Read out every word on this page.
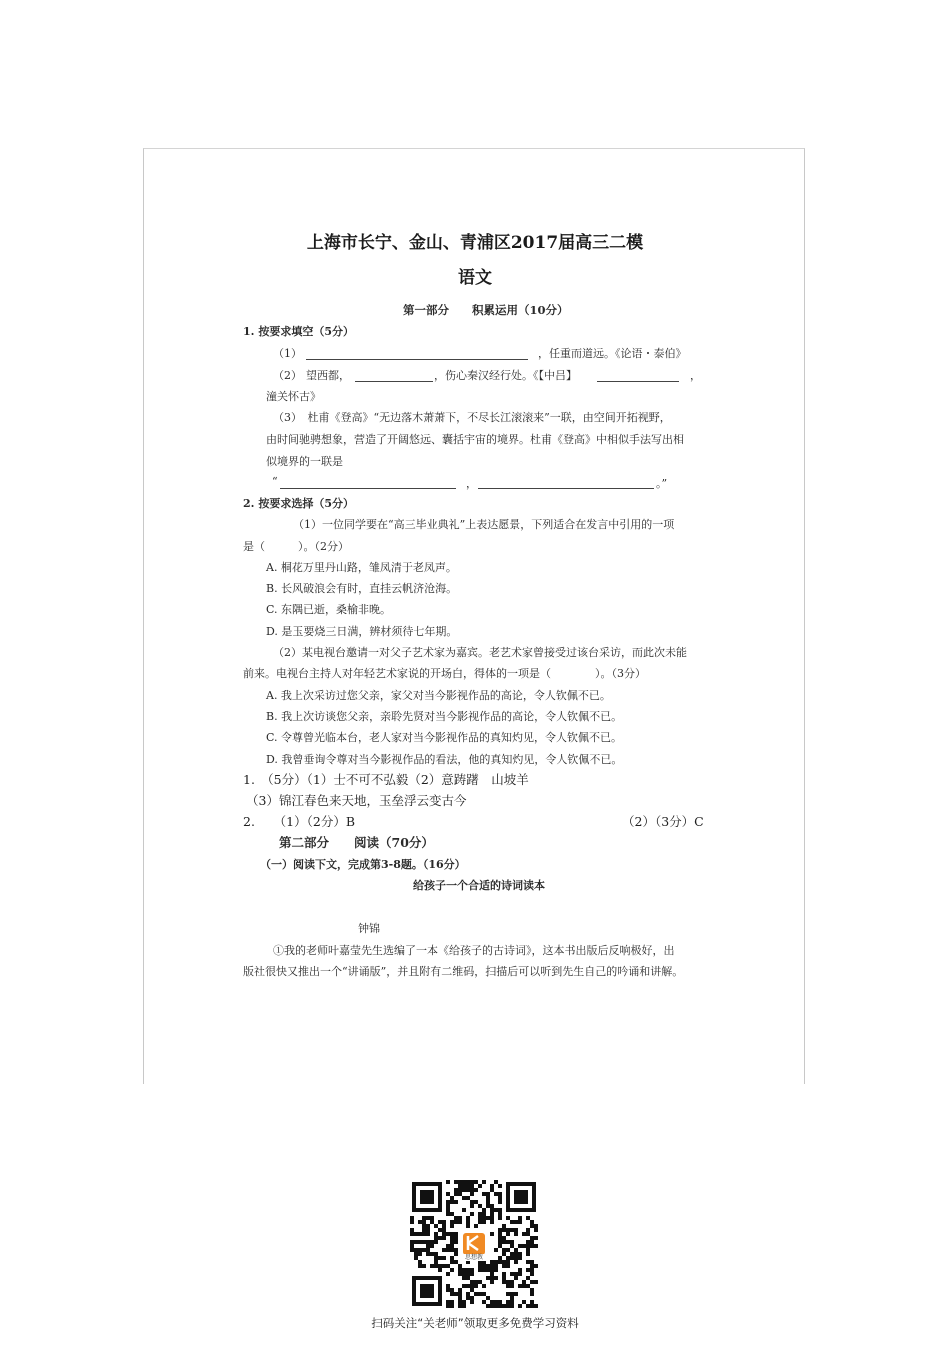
上海市长宁、金山、青浦区2017届高三二模
语文
第一部分　　积累运用（10分）
1. 按要求填空（5分）
（1）	，任重而道远。《论语・泰伯》
（2） 望西都，	，伤心秦汉经行处。《【中吕】	，
潼关怀古》
（3）　杜甫《登高》“无边落木萧萧下，不尽长江滚滚来”一联，由空间开拓视野，
由时间驰骋想象，营造了开阔悠远、囊括宇宙的境界。杜甫《登高》中相似手法写出相
似境界的一联是
“	，	。”
2. 按要求选择（5分）
（1）一位同学要在“高三毕业典礼”上表达愿景，下列适合在发言中引用的一项
是（　　　）。（2分）
A. 桐花万里丹山路，雏凤清于老凤声。
B. 长风破浪会有时，直挂云帆济沧海。
C. 东隅已逝，桑榆非晚。
D. 是玉要烧三日满，辨材须待七年期。
（2）某电视台邀请一对父子艺术家为嘉宾。老艺术家曾接受过该台采访，而此次未能
前来。电视台主持人对年轻艺术家说的开场白，得体的一项是（　　　　）。（3分）
A. 我上次采访过您父亲，家父对当今影视作品的高论，令人钦佩不已。
B. 我上次访谈您父亲，亲聆先贤对当今影视作品的高论，令人钦佩不已。
C. 令尊曾光临本台，老人家对当今影视作品的真知灼见，令人钦佩不已。
D. 我曾垂询令尊对当今影视作品的看法，他的真知灼见，令人钦佩不已。
1.　（5分）（1）士不可不弘毅（2）意踌躇　山坡羊
（3）锦江春色来天地，玉垒浮云变古今
2.　　（1）（2分）B	（2）（3分）C
第二部分　　阅读（70分）
（一）阅读下文，完成第3-8题。（16分）
给孩子一个合适的诗词读本
钟锦
①我的老师叶嘉莹先生选编了一本《给孩子的古诗词》，这本书出版后反响极好，出
版社很快又推出一个“讲诵版”，并且附有二维码，扫描后可以听到先生自己的吟诵和讲解。
思想教
扫码关注“关老师”领取更多免费学习资料
